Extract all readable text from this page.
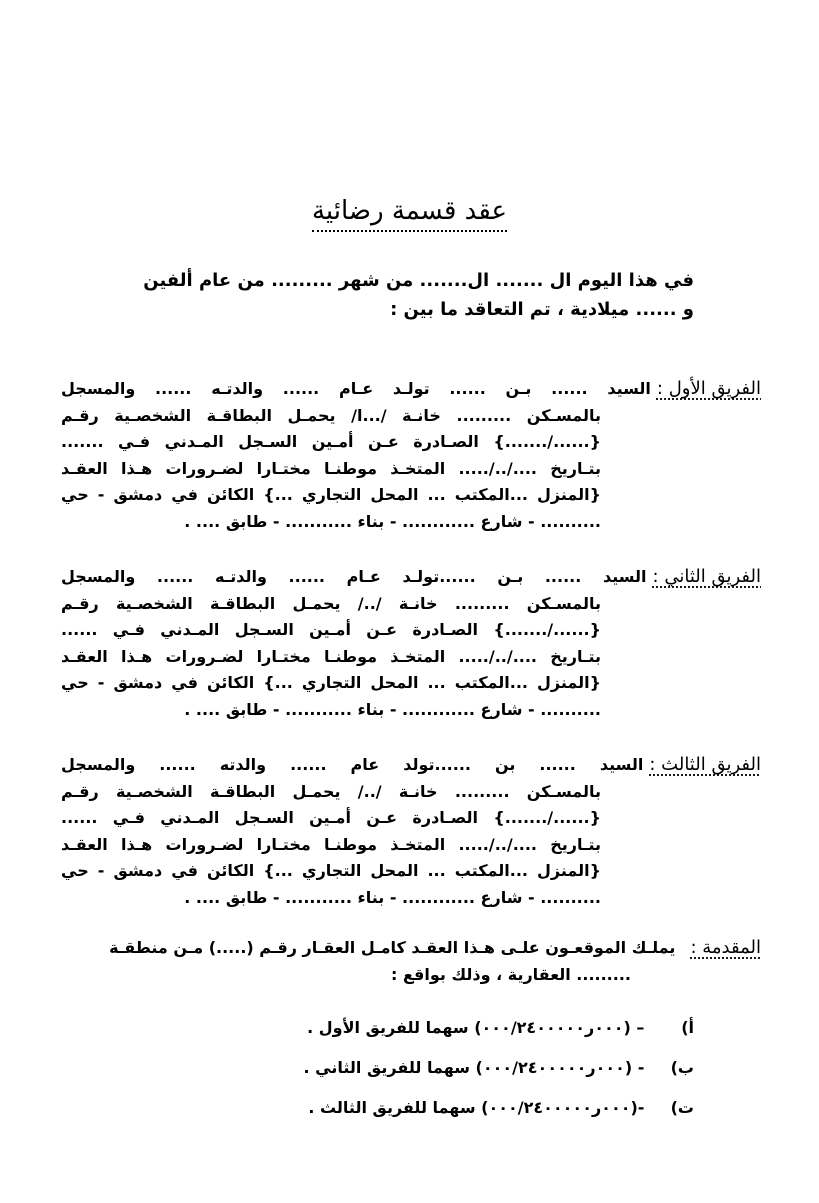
عقد قسمة رضائية
في هذا اليوم ال ....... ال....... من شهر ......... من عام ألفين
و ...... ميلادية ، تم التعاقد ما بين :
الفريق الأول :
السيد ...... بـن ...... تولـد عـام ...... والدتـه ...... والمسجل
بالمسـكن ......... خانـة /...ا/ يحمـل البطاقـة الشخصـية رقـم
{....../.......} الصـادرة عـن أمـين السـجل المـدني فـي .......
بتـاريخ ..../../..... المتخـذ موطنـا مختـارا لضـرورات هـذا العقـد
{المنزل ...المكتب ... المحل التجاري ...} الكائن في دمشق - حي
.......... - شارع ............ - بناء ........... - طابق .... .
الفريق الثاني :
السيد ...... بـن ......تولـد عـام ...... والدتـه ...... والمسجل
بالمسـكن ......... خانـة /../ يحمـل البطاقـة الشخصـية رقـم
{....../.......} الصـادرة عـن أمـين السـجل المـدني فـي ......
بتـاريخ ..../../..... المتخـذ موطنـا مختـارا لضـرورات هـذا العقـد
{المنزل ...المكتب ... المحل التجاري ...} الكائن في دمشق - حي
.......... - شارع ............ - بناء ........... - طابق .... .
الفريق الثالث :
السيد ...... بن ......تولد عام ...... والدته ...... والمسجل
بالمسـكن ......... خانـة /../ يحمـل البطاقـة الشخصـية رقـم
{....../.......} الصـادرة عـن أمـين السـجل المـدني فـي ......
بتـاريخ ..../../..... المتخـذ موطنـا مختـارا لضـرورات هـذا العقـد
{المنزل ...المكتب ... المحل التجاري ...} الكائن في دمشق - حي
.......... - شارع ............ - بناء ........... - طابق .... .
المقدمة : يملـك الموقعـون علـى هـذا العقـد كامـل العقـار رقـم (.....) مـن منطقـة
......... العقارية ، وذلك بواقع :
أ) – (٠٠٠ر٠٠٠/٢٤٠٠٠٠٠) سهما للفريق الأول .
ب) - (٠٠٠ر٠٠٠/٢٤٠٠٠٠٠) سهما للفريق الثاني .
ت) -(٠٠٠ر٠٠٠/٢٤٠٠٠٠٠) سهما للفريق الثالث .
